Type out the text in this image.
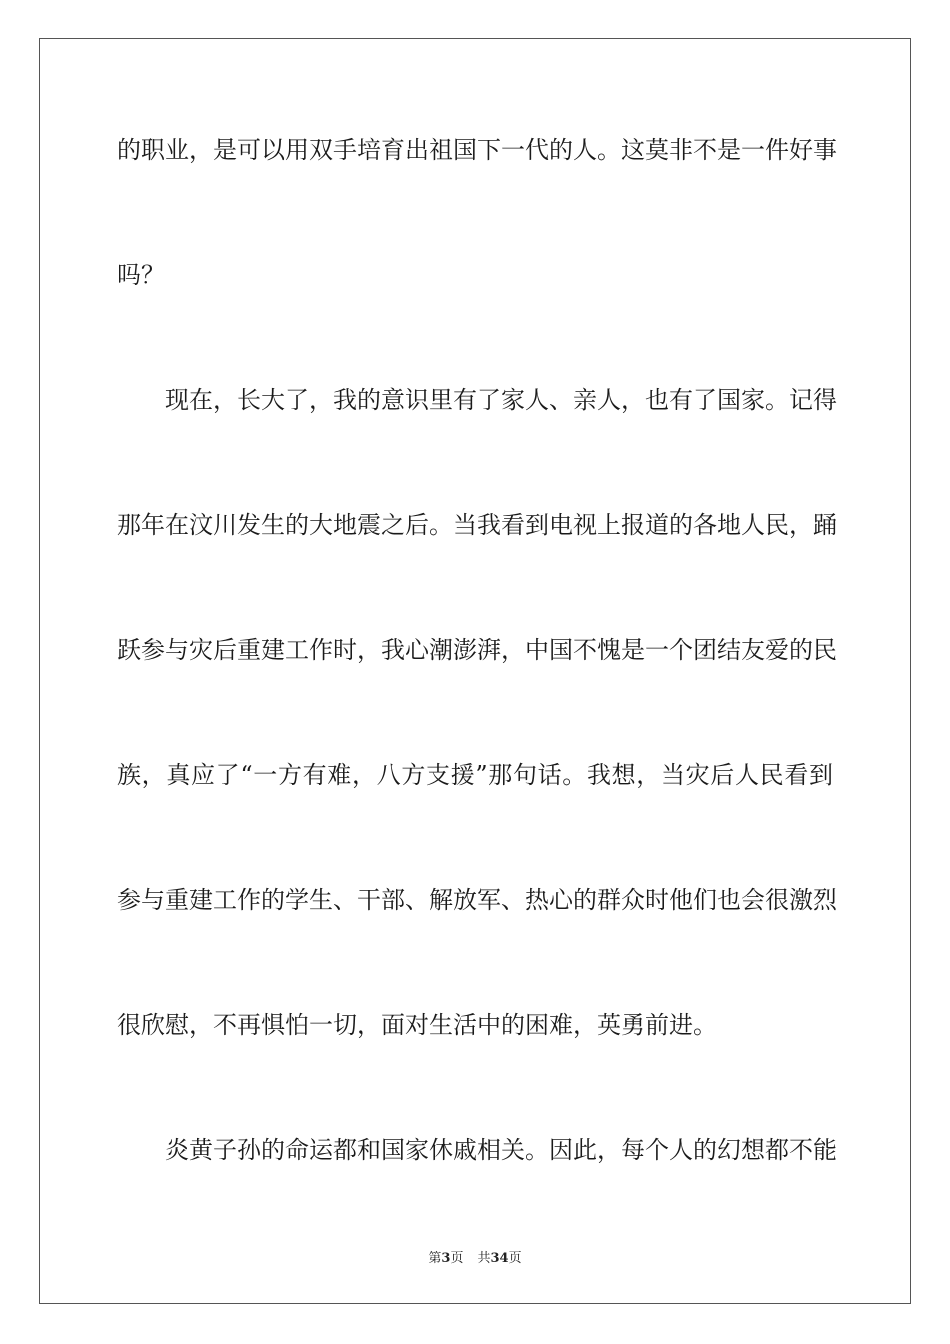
的职业，是可以用双手培育出祖国下一代的人。这莫非不是一件好事
吗？
现在，长大了，我的意识里有了家人、亲人，也有了国家。记得
那年在汶川发生的大地震之后。当我看到电视上报道的各地人民，踊
跃参与灾后重建工作时，我心潮澎湃，中国不愧是一个团结友爱的民
族，真应了“一方有难，八方支援”那句话。我想，当灾后人民看到
参与重建工作的学生、干部、解放军、热心的群众时他们也会很激烈
很欣慰，不再惧怕一切，面对生活中的困难，英勇前进。
炎黄子孙的命运都和国家休戚相关。因此，每个人的幻想都不能
第3页 共34页
